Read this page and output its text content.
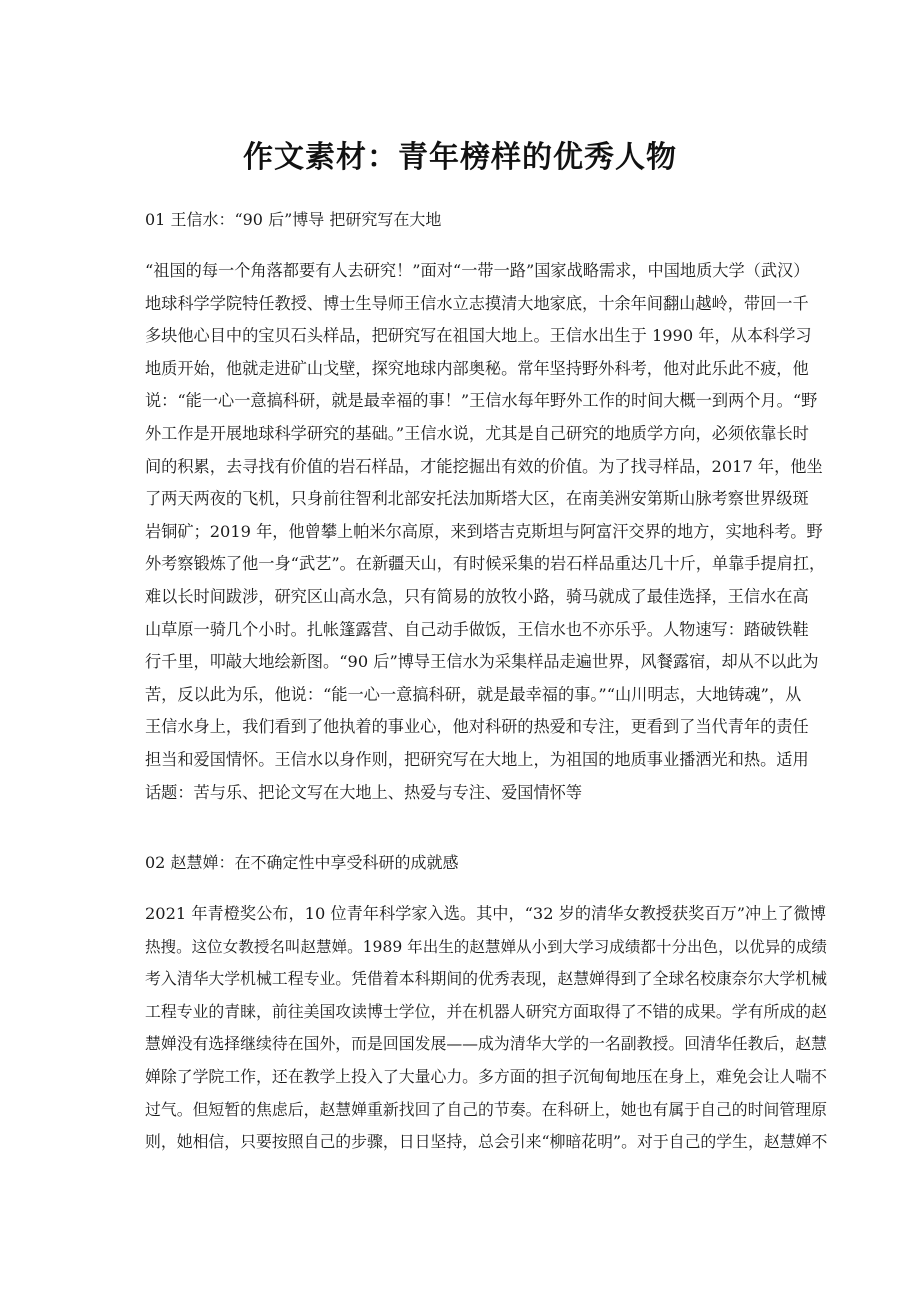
作文素材：青年榜样的优秀人物
01 王信水：“90 后”博导 把研究写在大地
“祖国的每一个角落都要有人去研究！”面对“一带一路”国家战略需求，中国地质大学（武汉）
地球科学学院特任教授、博士生导师王信水立志摸清大地家底，十余年间翻山越岭，带回一千
多块他心目中的宝贝石头样品，把研究写在祖国大地上。王信水出生于 1990 年，从本科学习
地质开始，他就走进矿山戈壁，探究地球内部奥秘。常年坚持野外科考，他对此乐此不疲，他
说：“能一心一意搞科研，就是最幸福的事！”王信水每年野外工作的时间大概一到两个月。“野
外工作是开展地球科学研究的基础。”王信水说，尤其是自己研究的地质学方向，必须依靠长时
间的积累，去寻找有价值的岩石样品，才能挖掘出有效的价值。为了找寻样品，2017 年，他坐
了两天两夜的飞机，只身前往智利北部安托法加斯塔大区，在南美洲安第斯山脉考察世界级斑
岩铜矿；2019 年，他曾攀上帕米尔高原，来到塔吉克斯坦与阿富汗交界的地方，实地科考。野
外考察锻炼了他一身“武艺”。在新疆天山，有时候采集的岩石样品重达几十斤，单靠手提肩扛，
难以长时间跋涉，研究区山高水急，只有简易的放牧小路，骑马就成了最佳选择，王信水在高
山草原一骑几个小时。扎帐篷露营、自己动手做饭，王信水也不亦乐乎。人物速写：踏破铁鞋
行千里，叩敲大地绘新图。“90 后”博导王信水为采集样品走遍世界，风餐露宿，却从不以此为
苦，反以此为乐，他说：“能一心一意搞科研，就是最幸福的事。”“山川明志，大地铸魂”，从
王信水身上，我们看到了他执着的事业心，他对科研的热爱和专注，更看到了当代青年的责任
担当和爱国情怀。王信水以身作则，把研究写在大地上，为祖国的地质事业播洒光和热。适用
话题：苦与乐、把论文写在大地上、热爱与专注、爱国情怀等
02 赵慧婵：在不确定性中享受科研的成就感
2021 年青橙奖公布，10 位青年科学家入选。其中，“32 岁的清华女教授获奖百万”冲上了微博
热搜。这位女教授名叫赵慧婵。1989 年出生的赵慧婵从小到大学习成绩都十分出色，以优异的成绩
考入清华大学机械工程专业。凭借着本科期间的优秀表现，赵慧婵得到了全球名校康奈尔大学机械
工程专业的青睐，前往美国攻读博士学位，并在机器人研究方面取得了不错的成果。学有所成的赵
慧婵没有选择继续待在国外，而是回国发展——成为清华大学的一名副教授。回清华任教后，赵慧
婵除了学院工作，还在教学上投入了大量心力。多方面的担子沉甸甸地压在身上，难免会让人喘不
过气。但短暂的焦虑后，赵慧婵重新找回了自己的节奏。在科研上，她也有属于自己的时间管理原
则，她相信，只要按照自己的步骤，日日坚持，总会引来“柳暗花明”。对于自己的学生，赵慧婵不
